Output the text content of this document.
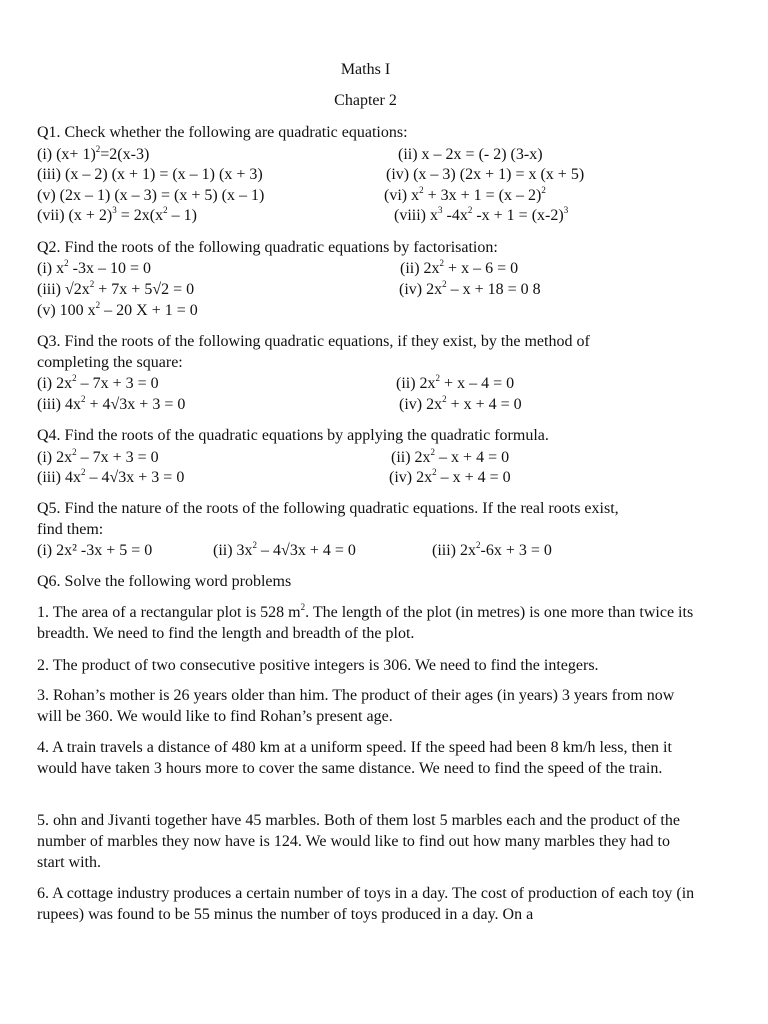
Maths I
Chapter 2
Q1. Check whether the following are quadratic equations:
(i) $(x+ 1)^2=2(x-3)$	(ii) x – 2x = (- 2) (3-x)
(iii) (x – 2) (x + 1) = (x – 1) (x + 3)	(iv) (x – 3) (2x + 1) = x (x + 5)
(v) (2x – 1) (x – 3) = (x + 5) (x – 1)	(vi) $x^2 + 3x + 1 = (x - 2)^2$
(vii) $(x + 2)^3 = 2x(x^2 - 1)$	(viii) $x^3$ $-4x^2$ $-x + 1 = (x-2)^3$
Q2. Find the roots of the following quadratic equations by factorisation:
(i) $x^2$ -3x – 10 = 0	(ii) $2x^2 + x - 6 = 0$
(iii) $√2x^2 + 7x + 5√2 = 0$	(iv) $2x^2 - x + 18 = 0$ 8
(v) 100 $x^2 - 20$ X + 1 = 0
Q3. Find the roots of the following quadratic equations, if they exist, by the method of
completing the square:
(i) $2x^2 - 7x + 3 = 0$	(ii) $2x^2 + x - 4 = 0$
(iii) $4x^2 + 4√3x + 3 = 0$	(iv) $2x^2 + x + 4 = 0$
Q4. Find the roots of the quadratic equations by applying the quadratic formula.
(i) $2x^2 - 7x + 3 = 0$	(ii) $2x^2 - x + 4 = 0$
(iii) $4x^2 - 4√3x + 3 = 0$	(iv) $2x^2 - x + 4 = 0$
Q5. Find the nature of the roots of the following quadratic equations. If the real roots exist,
find them:
(i) 2x² -3x + 5 = 0	(ii) $3x^2 - 4√3x + 4 = 0$	(iii) $2x^2-6x + 3 = 0$
Q6. Solve the following word problems
1. The area of a rectangular plot is 528 $m^2$. The length of the plot (in metres) is one more than twice its breadth. We need to find the length and breadth of the plot.
2. The product of two consecutive positive integers is 306. We need to find the integers.
3. Rohan’s mother is 26 years older than him. The product of their ages (in years) 3 years from now will be 360. We would like to find Rohan’s present age.
4. A train travels a distance of 480 km at a uniform speed. If the speed had been 8 km/h less, then it would have taken 3 hours more to cover the same distance. We need to find the speed of the train.
5. ohn and Jivanti together have 45 marbles. Both of them lost 5 marbles each and the product of the number of marbles they now have is 124. We would like to find out how many marbles they had to start with.
6. A cottage industry produces a certain number of toys in a day. The cost of production of each toy (in rupees) was found to be 55 minus the number of toys produced in a day. On a
